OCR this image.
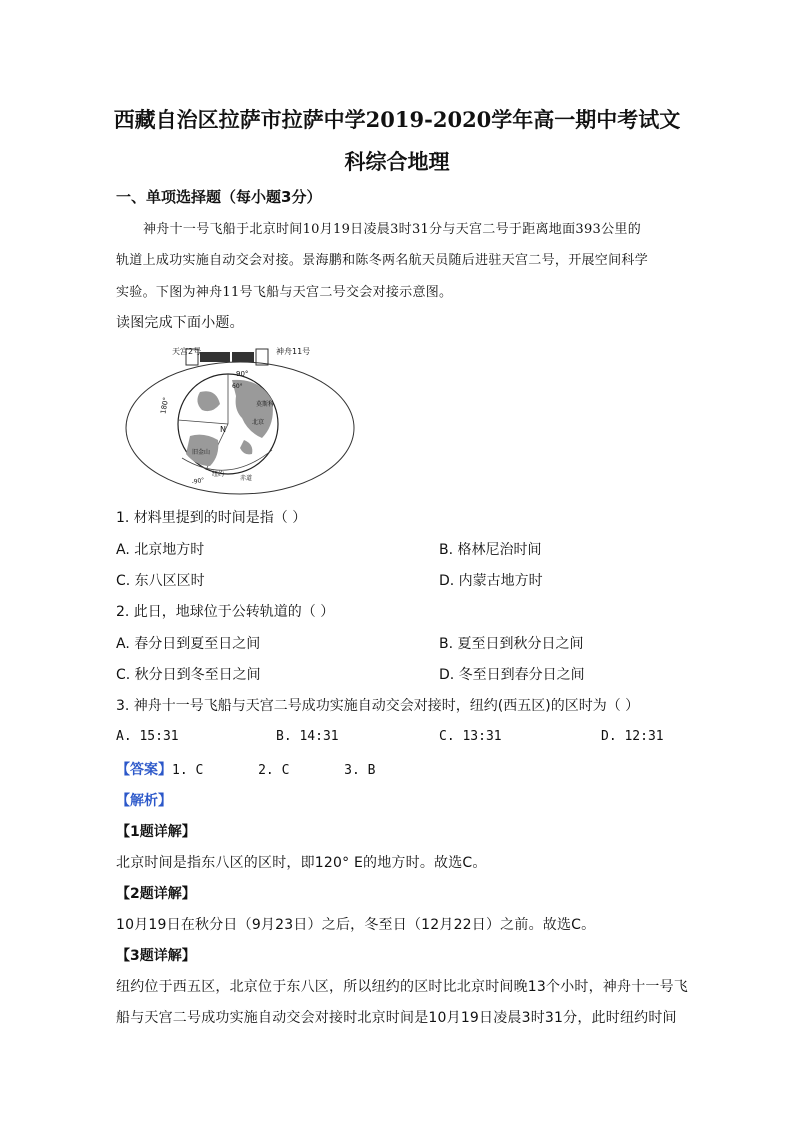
西藏自治区拉萨市拉萨中学2019-2020学年高一期中考试文
科综合地理
一、单项选择题（每小题3分）
神舟十一号飞船于北京时间10月19日凌晨3时31分与天宫二号于距离地面393公里的
轨道上成功实施自动交会对接。景海鹏和陈冬两名航天员随后进驻天宫二号，开展空间科学
实验。下图为神舟11号飞船与天宫二号交会对接示意图。
读图完成下面小题。
天宫2号	神舟11号
90°
180°
N
60°
莫斯科
北京
旧金山
纽约
赤道
-90°
1. 材料里提到的时间是指（ ）
A. 北京地方时	B. 格林尼治时间
C. 东八区区时	D. 内蒙古地方时
2. 此日，地球位于公转轨道的（ ）
A. 春分日到夏至日之间	B. 夏至日到秋分日之间
C. 秋分日到冬至日之间	D. 冬至日到春分日之间
3. 神舟十一号飞船与天宫二号成功实施自动交会对接时，纽约(西五区)的区时为（ ）
A. 15:31	B. 14:31	C. 13:31	D. 12:31
【答案】1. C       2. C       3. B
【解析】
【1题详解】
北京时间是指东八区的区时，即120° E的地方时。故选C。
【2题详解】
10月19日在秋分日（9月23日）之后，冬至日（12月22日）之前。故选C。
【3题详解】
纽约位于西五区，北京位于东八区，所以纽约的区时比北京时间晚13个小时，神舟十一号飞
船与天宫二号成功实施自动交会对接时北京时间是10月19日凌晨3时31分，此时纽约时间
